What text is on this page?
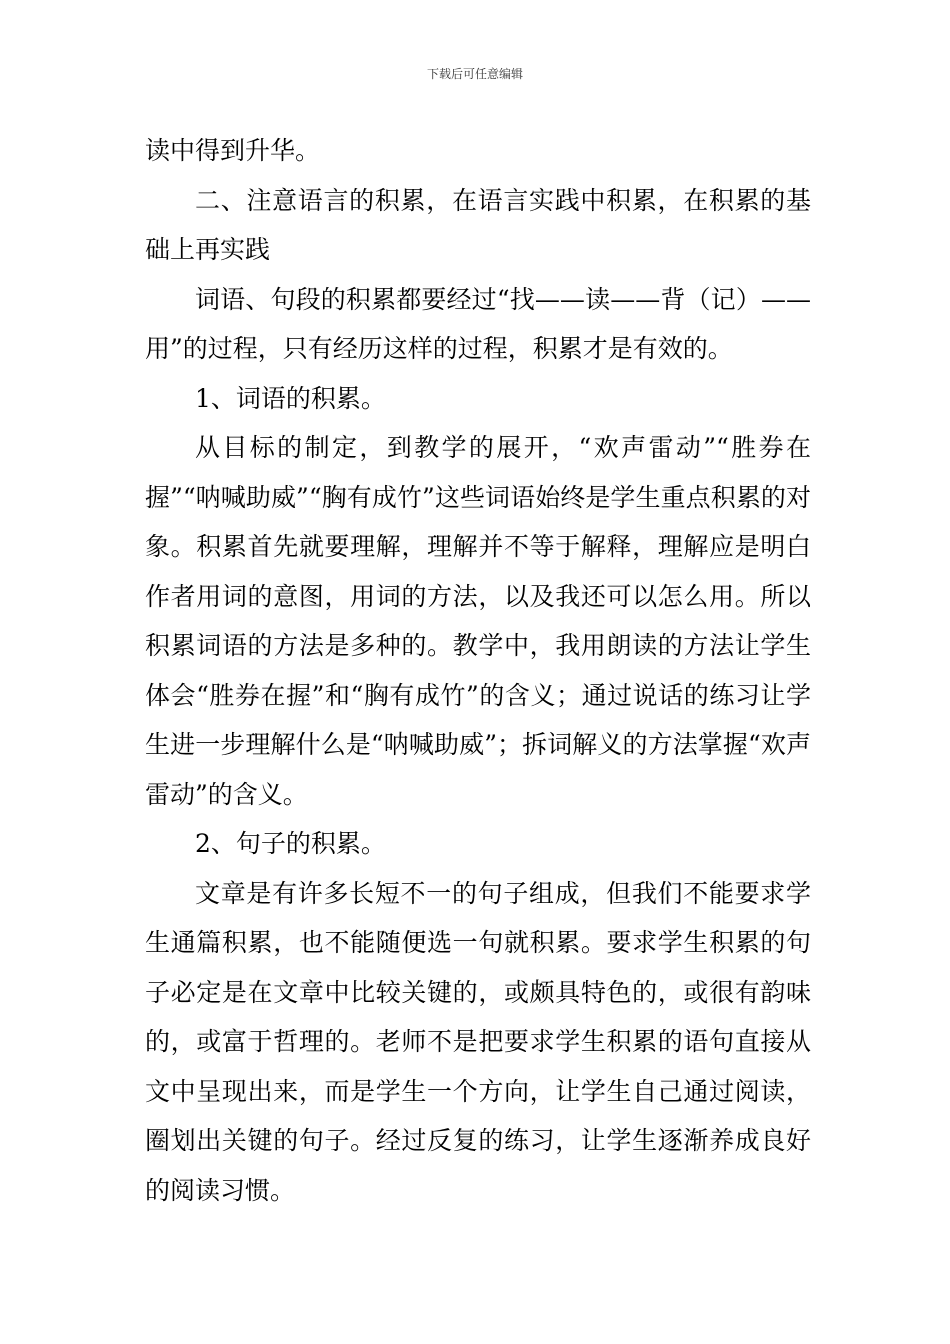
下载后可任意编辑

读中得到升华。

二、注意语言的积累，在语言实践中积累，在积累的基础上再实践

词语、句段的积累都要经过“找——读——背（记）——用”的过程，只有经历这样的过程，积累才是有效的。

1、词语的积累。

从目标的制定，到教学的展开，“欢声雷动”“胜券在握”“呐喊助威”“胸有成竹”这些词语始终是学生重点积累的对象。积累首先就要理解，理解并不等于解释，理解应是明白作者用词的意图，用词的方法，以及我还可以怎么用。所以积累词语的方法是多种的。教学中，我用朗读的方法让学生体会“胜券在握”和“胸有成竹”的含义；通过说话的练习让学生进一步理解什么是“呐喊助威”；拆词解义的方法掌握“欢声雷动”的含义。

2、句子的积累。

文章是有许多长短不一的句子组成，但我们不能要求学生通篇积累，也不能随便选一句就积累。要求学生积累的句子必定是在文章中比较关键的，或颇具特色的，或很有韵味的，或富于哲理的。老师不是把要求学生积累的语句直接从文中呈现出来，而是学生一个方向，让学生自己通过阅读，圈划出关键的句子。经过反复的练习，让学生逐渐养成良好的阅读习惯。
